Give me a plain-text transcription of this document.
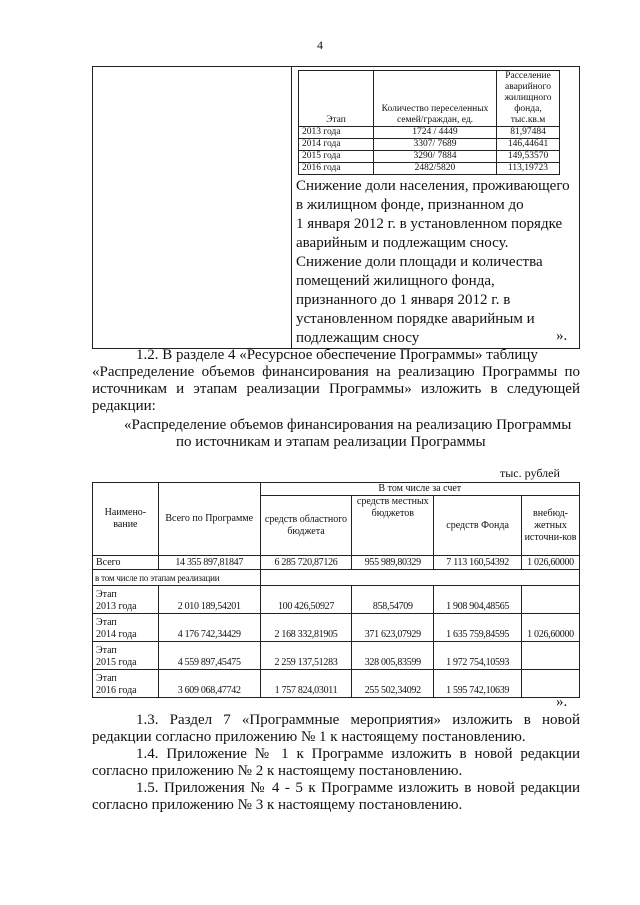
4

Этап	Количество переселенных семей/граждан, ед.	Расселение аварийного жилищного фонда, тыс.кв.м
2013 года	1724 / 4449	81,97484
2014 года	3307/ 7689	146,44641
2015 года	3290/ 7884	149,53570
2016 года	2482/5820	113,19723
Снижение доли населения, проживающего
в жилищном фонде, признанном до
1 января 2012 г. в установленном порядке
аварийным и подлежащим сносу.
Снижение доли площади и количества
помещений жилищного фонда,
признанного до 1 января 2012 г. в
установленном порядке аварийным и
подлежащим сносу	».
1.2. В разделе 4 «Ресурсное обеспечение Программы» таблицу
«Распределение объемов финансирования на реализацию Программы по
источникам и этапам реализации Программы» изложить в следующей
редакции:
«Распределение объемов финансирования на реализацию Программы
по источникам и этапам реализации Программы
тыс. рублей
Наимено-вание	Всего по Программе	В том числе за счет			
		средств областного бюджета	средств местных бюджетов	средств Фонда	внебюд-жетных источни-ков
Всего	14 355 897,81847	6 285 720,87126	955 989,80329	7 113 160,54392	1 026,60000
в том числе по этапам реализации					

Этап
2013 года	2 010 189,54201	100 426,50927	858,54709	1 908 904,48565	

Этап
2014 года	4 176 742,34429	2 168 332,81905	371 623,07929	1 635 759,84595	1 026,60000

Этап
2015 года	4 559 897,45475	2 259 137,51283	328 005,83599	1 972 754,10593	

Этап
2016 года	3 609 068,47742	1 757 824,03011	255 502,34092	1 595 742,10639	
».
1.3. Раздел 7 «Программные мероприятия» изложить в новой
редакции согласно приложению № 1 к настоящему постановлению.
1.4. Приложение № 1 к Программе изложить в новой редакции
согласно приложению № 2 к настоящему постановлению.
1.5. Приложения № 4 - 5 к Программе изложить в новой редакции
согласно приложению № 3 к настоящему постановлению.
